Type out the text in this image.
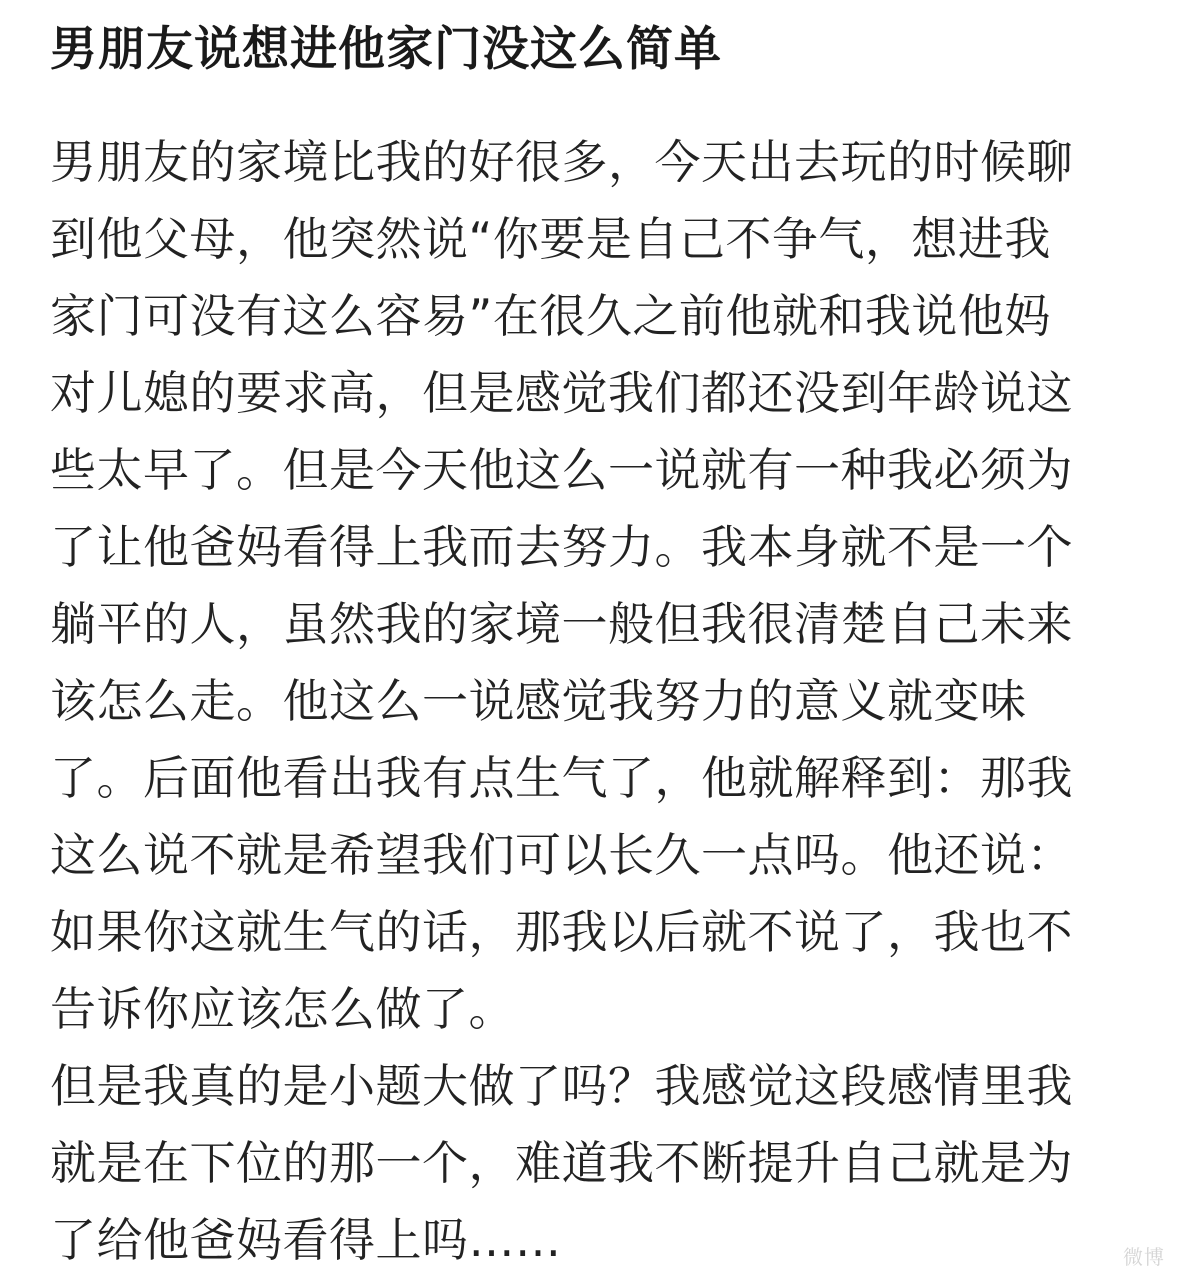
男朋友说想进他家门没这么简单
男朋友的家境比我的好很多，今天出去玩的时候聊
到他父母，他突然说“你要是自己不争气，想进我
家门可没有这么容易”在很久之前他就和我说他妈
对儿媳的要求高，但是感觉我们都还没到年龄说这
些太早了。但是今天他这么一说就有一种我必须为
了让他爸妈看得上我而去努力。我本身就不是一个
躺平的人，虽然我的家境一般但我很清楚自己未来
该怎么走。他这么一说感觉我努力的意义就变味
了。后面他看出我有点生气了，他就解释到：那我
这么说不就是希望我们可以长久一点吗。他还说：
如果你这就生气的话，那我以后就不说了，我也不
告诉你应该怎么做了。
但是我真的是小题大做了吗？我感觉这段感情里我
就是在下位的那一个，难道我不断提升自己就是为
了给他爸妈看得上吗……	微博
